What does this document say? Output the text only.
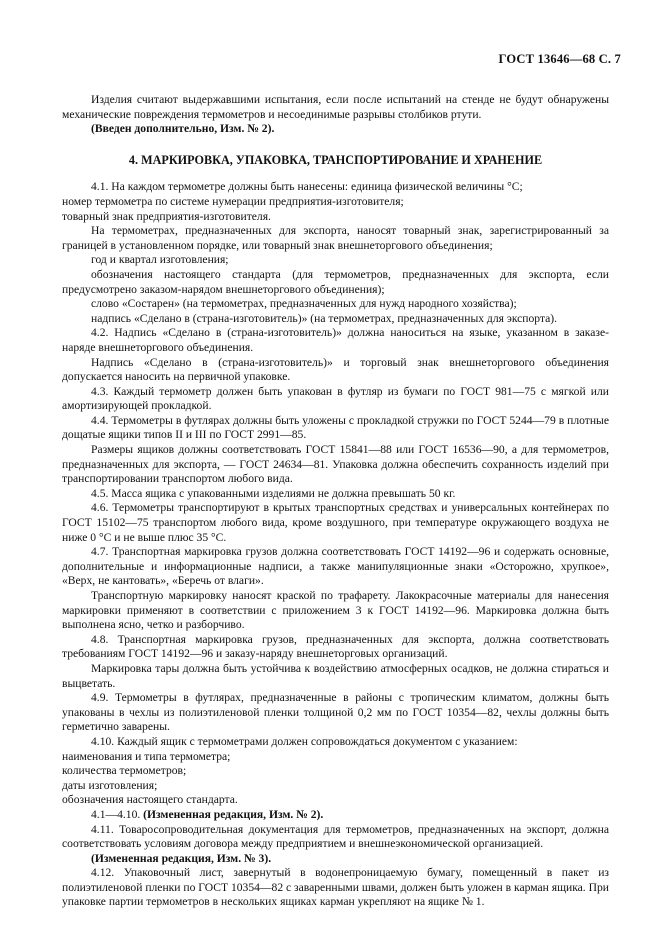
ГОСТ 13646—68 С. 7

Изделия считают выдержавшими испытания, если после испытаний на стенде не будут обнаружены механические повреждения термометров и несоединимые разрывы столбиков ртути.

(Введен дополнительно, Изм. № 2).

4. МАРКИРОВКА, УПАКОВКА, ТРАНСПОРТИРОВАНИЕ И ХРАНЕНИЕ

4.1. На каждом термометре должны быть нанесены: единица физической величины °С;

номер термометра по системе нумерации предприятия-изготовителя;

товарный знак предприятия-изготовителя.

На термометрах, предназначенных для экспорта, наносят товарный знак, зарегистрированный за границей в установленном порядке, или товарный знак внешнеторгового объединения;

год и квартал изготовления;

обозначения настоящего стандарта (для термометров, предназначенных для экспорта, если предусмотрено заказом-нарядом внешнеторгового объединения);

слово «Состарен» (на термометрах, предназначенных для нужд народного хозяйства);

надпись «Сделано в (страна-изготовитель)» (на термометрах, предназначенных для экспорта).

4.2. Надпись «Сделано в (страна-изготовитель)» должна наноситься на языке, указанном в заказе-наряде внешнеторгового объединения.

Надпись «Сделано в (страна-изготовитель)» и торговый знак внешнеторгового объединения допускается наносить на первичной упаковке.

4.3. Каждый термометр должен быть упакован в футляр из бумаги по ГОСТ 981—75 с мягкой или амортизирующей прокладкой.

4.4. Термометры в футлярах должны быть уложены с прокладкой стружки по ГОСТ 5244—79 в плотные дощатые ящики типов II и III по ГОСТ 2991—85.

Размеры ящиков должны соответствовать ГОСТ 15841—88 или ГОСТ 16536—90, а для термометров, предназначенных для экспорта, — ГОСТ 24634—81. Упаковка должна обеспечить сохранность изделий при транспортировании транспортом любого вида.

4.5. Масса ящика с упакованными изделиями не должна превышать 50 кг.

4.6. Термометры транспортируют в крытых транспортных средствах и универсальных контейнерах по ГОСТ 15102—75 транспортом любого вида, кроме воздушного, при температуре окружающего воздуха не ниже 0 °С и не выше плюс 35 °С.

4.7. Транспортная маркировка грузов должна соответствовать ГОСТ 14192—96 и содержать основные, дополнительные и информационные надписи, а также манипуляционные знаки «Осторожно, хрупкое», «Верх, не кантовать», «Беречь от влаги».

Транспортную маркировку наносят краской по трафарету. Лакокрасочные материалы для нанесения маркировки применяют в соответствии с приложением 3 к ГОСТ 14192—96. Маркировка должна быть выполнена ясно, четко и разборчиво.

4.8. Транспортная маркировка грузов, предназначенных для экспорта, должна соответствовать требованиям ГОСТ 14192—96 и заказу-наряду внешнеторговых организаций.

Маркировка тары должна быть устойчива к воздействию атмосферных осадков, не должна стираться и выцветать.

4.9. Термометры в футлярах, предназначенные в районы с тропическим климатом, должны быть упакованы в чехлы из полиэтиленовой пленки толщиной 0,2 мм по ГОСТ 10354—82, чехлы должны быть герметично заварены.

4.10. Каждый ящик с термометрами должен сопровождаться документом с указанием:

наименования и типа термометра;

количества термометров;

даты изготовления;

обозначения настоящего стандарта.

4.1—4.10. (Измененная редакция, Изм. № 2).

4.11. Товаросопроводительная документация для термометров, предназначенных на экспорт, должна соответствовать условиям договора между предприятием и внешнеэкономической организацией.

(Измененная редакция, Изм. № 3).

4.12. Упаковочный лист, завернутый в водонепроницаемую бумагу, помещенный в пакет из полиэтиленовой пленки по ГОСТ 10354—82 с заваренными швами, должен быть уложен в карман ящика. При упаковке партии термометров в нескольких ящиках карман укрепляют на ящике № 1.
